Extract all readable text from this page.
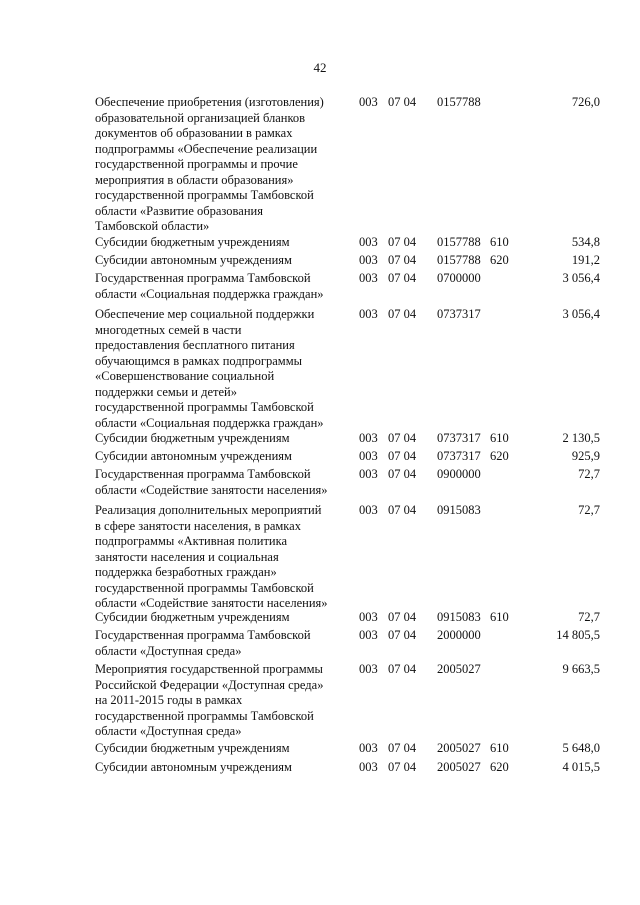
42
Обеспечение приобретения (изготовления)
образовательной организацией бланков
документов об образовании в рамках
подпрограммы «Обеспечение реализации
государственной программы и прочие
мероприятия в области образования»
государственной программы Тамбовской
области «Развитие образования
Тамбовской области»
003 07 04 0157788	726,0
Субсидии бюджетным учреждениям	003 07 04 0157788 610	534,8
Субсидии автономным учреждениям	003 07 04 0157788 620	191,2
Государственная программа Тамбовской
области «Социальная поддержка граждан»
003 07 04 0700000	3 056,4
Обеспечение мер социальной поддержки
многодетных семей в части
предоставления бесплатного питания
обучающимся в рамках подпрограммы
«Совершенствование социальной
поддержки семьи и детей»
государственной программы Тамбовской
области «Социальная поддержка граждан»
003 07 04 0737317	3 056,4
Субсидии бюджетным учреждениям	003 07 04 0737317 610	2 130,5
Субсидии автономным учреждениям	003 07 04 0737317 620	925,9
Государственная программа Тамбовской
области «Содействие занятости населения»
003 07 04 0900000	72,7
Реализация дополнительных мероприятий
в сфере занятости населения, в рамках
подпрограммы «Активная политика
занятости населения и социальная
поддержка безработных граждан»
государственной программы Тамбовской
области «Содействие занятости населения»
003 07 04 0915083	72,7
Субсидии бюджетным учреждениям	003 07 04 0915083 610	72,7
Государственная программа Тамбовской
области «Доступная среда»
003 07 04 2000000	14 805,5
Мероприятия государственной программы
Российской Федерации «Доступная среда»
на 2011-2015 годы в рамках
государственной программы Тамбовской
области «Доступная среда»
003 07 04 2005027	9 663,5
Субсидии бюджетным учреждениям	003 07 04 2005027 610	5 648,0
Субсидии автономным учреждениям	003 07 04 2005027 620	4 015,5
